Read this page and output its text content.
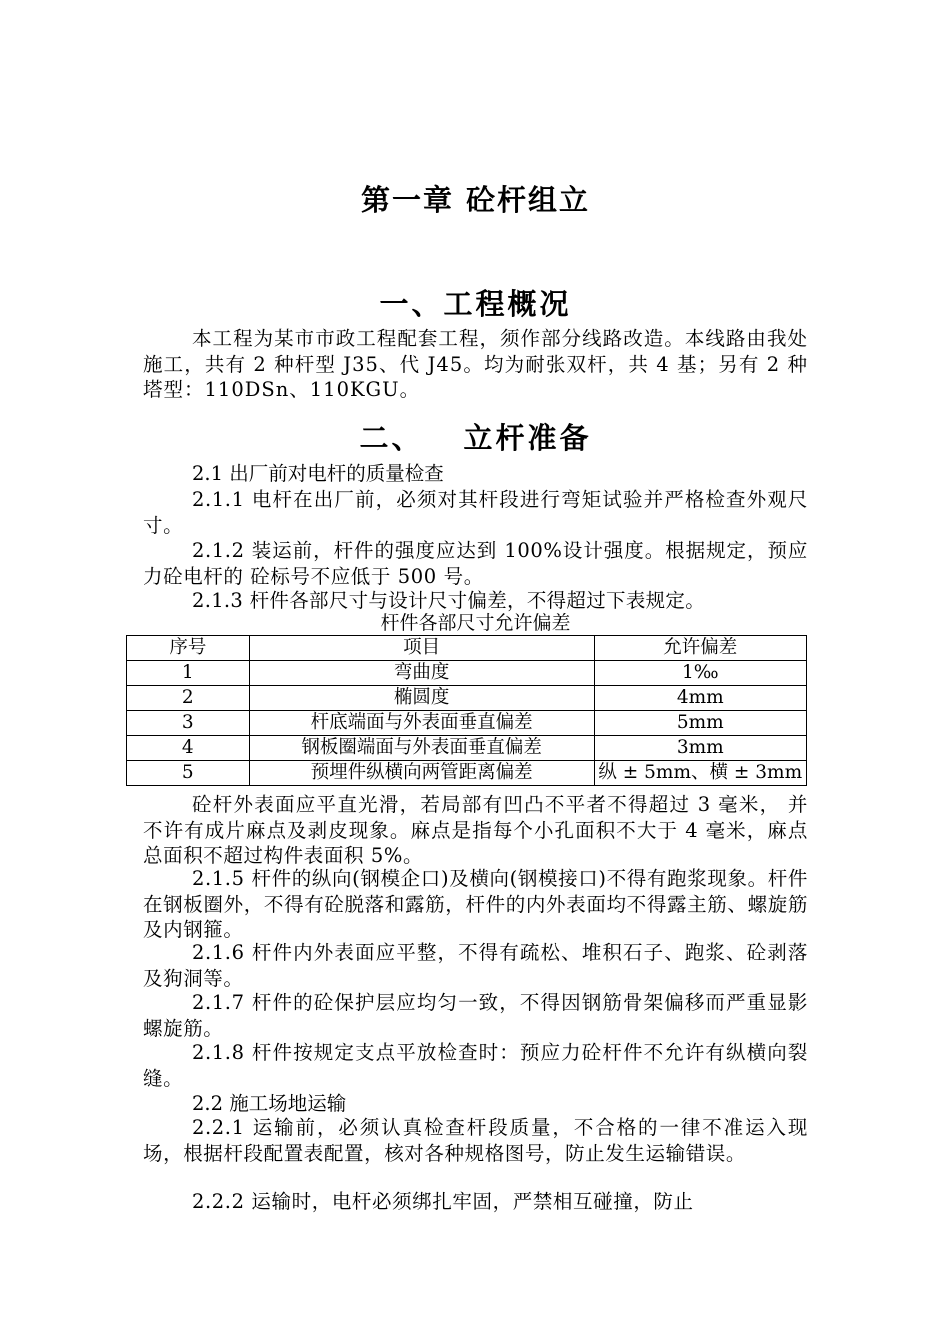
第一章 砼杆组立
一、工程概况

本工程为某市市政工程配套工程，须作部分线路改造。本线路由我处施工，共有 2 种杆型 J35、代 J45。均为耐张双杆，共 4 基；另有 2 种塔型：110DSn、110KGU。

二、 立杆准备

2.1 出厂前对电杆的质量检查

2.1.1 电杆在出厂前，必须对其杆段进行弯矩试验并严格检查外观尺寸。

2.1.2 装运前，杆件的强度应达到 100%设计强度。根据规定，预应力砼电杆的 砼标号不应低于 500 号。

2.1.3 杆件各部尺寸与设计尺寸偏差，不得超过下表规定。

杆件各部尺寸允许偏差

序号	项目	允许偏差
1	弯曲度	1‰
2	椭圆度	4mm
3	杆底端面与外表面垂直偏差	5mm
4	钢板圈端面与外表面垂直偏差	3mm
5	预埋件纵横向两管距离偏差	纵 ± 5mm、横 ± 3mm

砼杆外表面应平直光滑，若局部有凹凸不平者不得超过 3 毫米， 并不许有成片麻点及剥皮现象。麻点是指每个小孔面积不大于 4 毫米，麻点总面积不超过构件表面积 5%。

2.1.5 杆件的纵向(钢模企口)及横向(钢模接口)不得有跑浆现象。杆件在钢板圈外，不得有砼脱落和露筋，杆件的内外表面均不得露主筋、螺旋筋及内钢箍。

2.1.6 杆件内外表面应平整，不得有疏松、堆积石子、跑浆、砼剥落及狗洞等。

2.1.7 杆件的砼保护层应均匀一致，不得因钢筋骨架偏移而严重显影螺旋筋。

2.1.8 杆件按规定支点平放检查时：预应力砼杆件不允许有纵横向裂缝。

2.2 施工场地运输

2.2.1 运输前，必须认真检查杆段质量，不合格的一律不准运入现场，根据杆段配置表配置，核对各种规格图号，防止发生运输错误。

2.2.2 运输时，电杆必须绑扎牢固，严禁相互碰撞，防止
